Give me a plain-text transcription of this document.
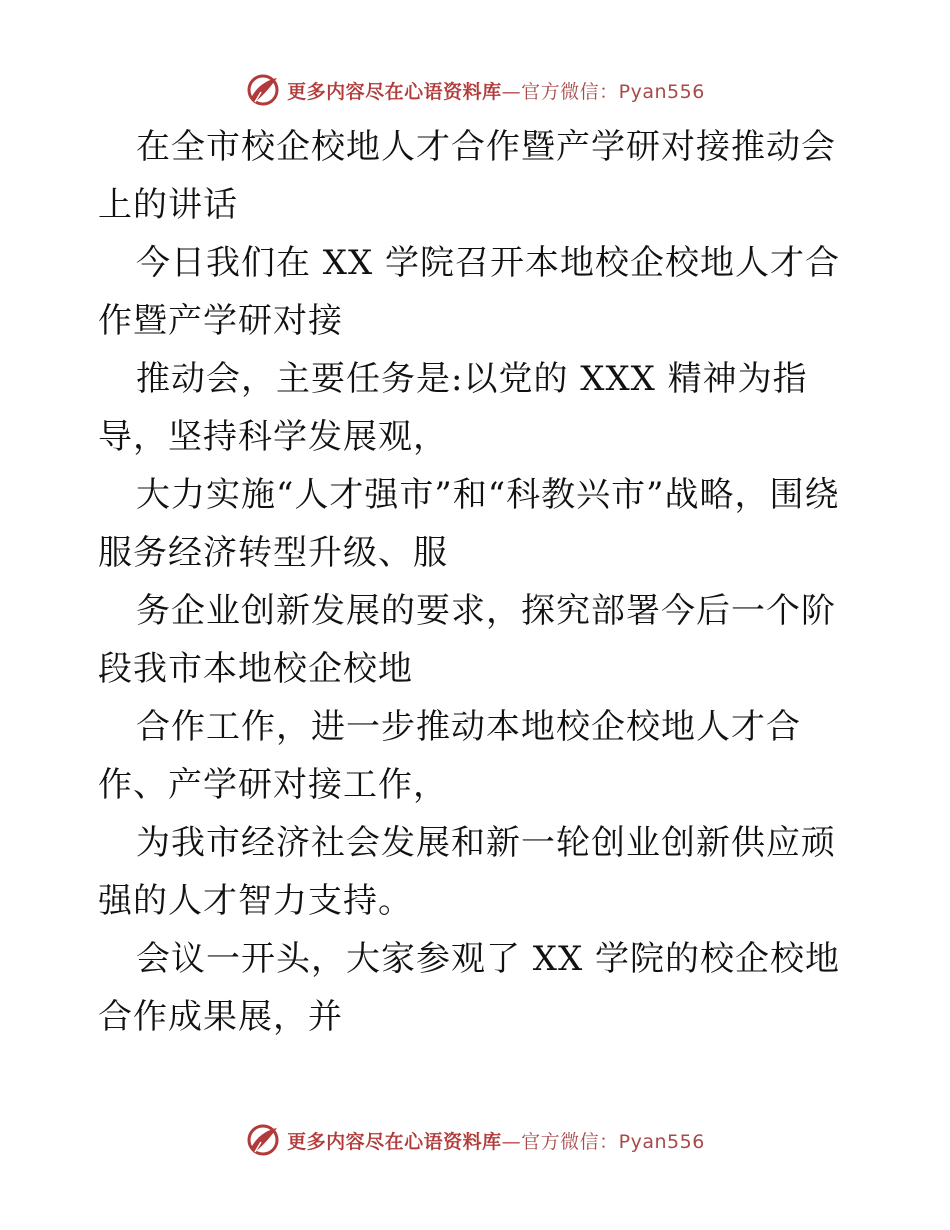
更多内容尽在心语资料库—官方微信：Pyan556

在全市校企校地人才合作暨产学研对接推动会上的讲话

今日我们在 XX 学院召开本地校企校地人才合作暨产学研对接

推动会，主要任务是:以党的 XXX 精神为指导，坚持科学发展观，

大力实施“人才强市”和“科教兴市”战略，围绕服务经济转型升级、服

务企业创新发展的要求，探究部署今后一个阶段我市本地校企校地

合作工作，进一步推动本地校企校地人才合作、产学研对接工作，

为我市经济社会发展和新一轮创业创新供应顽强的人才智力支持。

会议一开头，大家参观了 XX 学院的校企校地合作成果展，并

更多内容尽在心语资料库—官方微信：Pyan556
